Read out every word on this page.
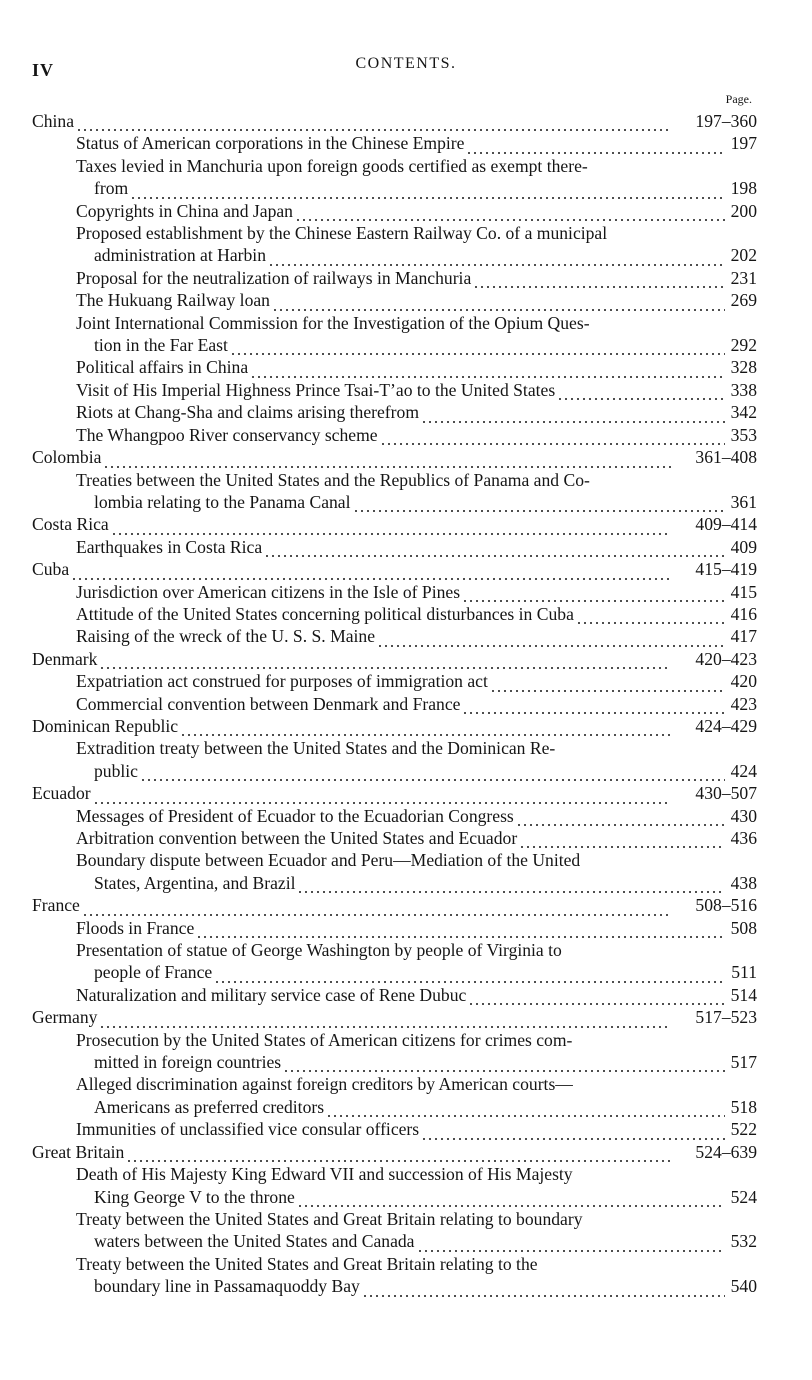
IV	CONTENTS.
Page.
China	197–360
Status of American corporations in the Chinese Empire	197
Taxes levied in Manchuria upon foreign goods certified as exempt there-
from	198
Copyrights in China and Japan	200
Proposed establishment by the Chinese Eastern Railway Co. of a municipal
administration at Harbin	202
Proposal for the neutralization of railways in Manchuria	231
The Hukuang Railway loan	269
Joint International Commission for the Investigation of the Opium Ques-
tion in the Far East	292
Political affairs in China	328
Visit of His Imperial Highness Prince Tsai-T’ao to the United States	338
Riots at Chang-Sha and claims arising therefrom	342
The Whangpoo River conservancy scheme	353
Colombia	361–408
Treaties between the United States and the Republics of Panama and Co-
lombia relating to the Panama Canal	361
Costa Rica	409–414
Earthquakes in Costa Rica	409
Cuba	415–419
Jurisdiction over American citizens in the Isle of Pines	415
Attitude of the United States concerning political disturbances in Cuba	416
Raising of the wreck of the U. S. S. Maine	417
Denmark	420–423
Expatriation act construed for purposes of immigration act	420
Commercial convention between Denmark and France	423
Dominican Republic	424–429
Extradition treaty between the United States and the Dominican Re-
public	424
Ecuador	430–507
Messages of President of Ecuador to the Ecuadorian Congress	430
Arbitration convention between the United States and Ecuador	436
Boundary dispute between Ecuador and Peru—Mediation of the United
States, Argentina, and Brazil	438
France	508–516
Floods in France	508
Presentation of statue of George Washington by people of Virginia to
people of France	511
Naturalization and military service case of Rene Dubuc	514
Germany	517–523
Prosecution by the United States of American citizens for crimes com-
mitted in foreign countries	517
Alleged discrimination against foreign creditors by American courts—
Americans as preferred creditors	518
Immunities of unclassified vice consular officers	522
Great Britain	524–639
Death of His Majesty King Edward VII and succession of His Majesty
King George V to the throne	524
Treaty between the United States and Great Britain relating to boundary
waters between the United States and Canada	532
Treaty between the United States and Great Britain relating to the
boundary line in Passamaquoddy Bay	540
